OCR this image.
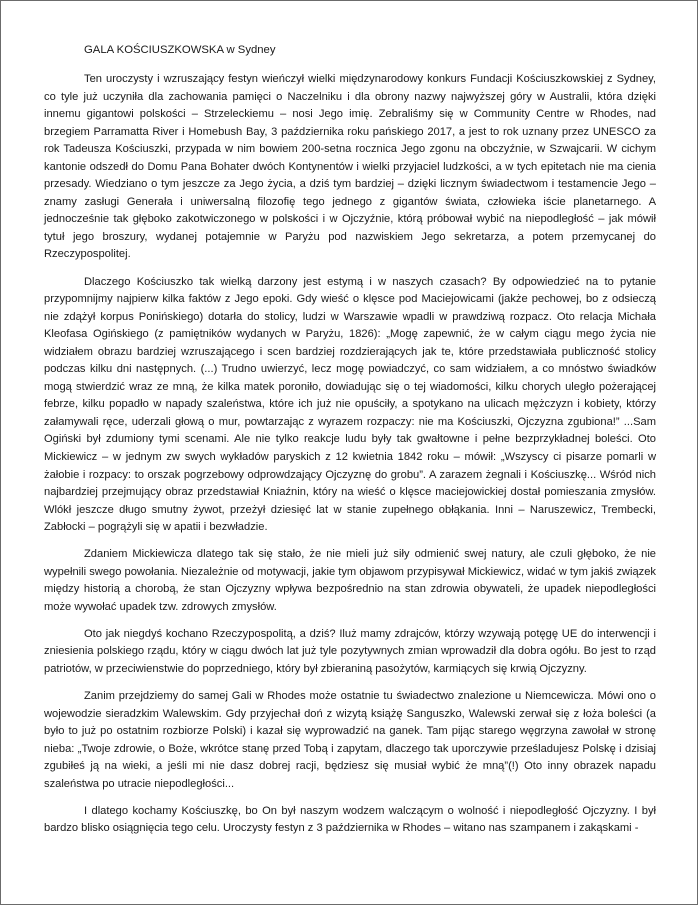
GALA KOŚCIUSZKOWSKA w Sydney

Ten uroczysty i wzruszający festyn wieńczył wielki międzynarodowy konkurs Fundacji Kościuszkowskiej z Sydney, co tyle już uczyniła dla zachowania pamięci o Naczelniku i dla obrony nazwy najwyższej góry w Australii, która dzięki innemu gigantowi polskości – Strzeleckiemu – nosi Jego imię. Zebraliśmy się w Community Centre w Rhodes, nad brzegiem Parramatta River i Homebush Bay, 3 października roku pańskiego 2017, a jest to rok uznany przez UNESCO za rok Tadeusza Kościuszki, przypada w nim bowiem 200-setna rocznica Jego zgonu na obczyźnie, w Szwajcarii. W cichym kantonie odszedł do Domu Pana Bohater dwóch Kontynentów i wielki przyjaciel ludzkości, a w tych epitetach nie ma cienia przesady. Wiedziano o tym jeszcze za Jego życia, a dziś tym bardziej – dzięki licznym świadectwom i testamencie Jego – znamy zasługi Generała i uniwersalną filozofię tego jednego z gigantów świata, człowieka iście planetarnego. A jednocześnie tak głęboko zakotwiczonego w polskości i w Ojczyźnie, którą próbował wybić na niepodległość – jak mówił tytuł jego broszury, wydanej potajemnie w Paryżu pod nazwiskiem Jego sekretarza, a potem przemycanej do Rzeczypospolitej.

Dlaczego Kościuszko tak wielką darzony jest estymą i w naszych czasach? By odpowiedzieć na to pytanie przypomnijmy najpierw kilka faktów z Jego epoki. Gdy wieść o klęsce pod Maciejowicami (jakże pechowej, bo z odsieczą nie zdążył korpus Ponińskiego) dotarła do stolicy, ludzi w Warszawie wpadli w prawdziwą rozpacz. Oto relacja Michała Kleofasa Ogińskiego (z pamiętników wydanych w Paryżu, 1826): „Mogę zapewnić, że w całym ciągu mego życia nie widziałem obrazu bardziej wzruszającego i scen bardziej rozdzierających jak te, które przedstawiała publiczność stolicy podczas kilku dni następnych. (...) Trudno uwierzyć, lecz mogę powiadczyć, co sam widziałem, a co mnóstwo świadków mogą stwierdzić wraz ze mną, że kilka matek poroniło, dowiadując się o tej wiadomości, kilku chorych uległo pożerającej febrze, kilku popadło w napady szaleństwa, które ich już nie opuściły, a spotykano na ulicach mężczyzn i kobiety, którzy załamywali ręce, uderzali głową o mur, powtarzając z wyrazem rozpaczy: nie ma Kościuszki, Ojczyzna zgubiona!” ...Sam Ogiński był zdumiony tymi scenami. Ale nie tylko reakcje ludu były tak gwałtowne i pełne bezprzykładnej boleści. Oto Mickiewicz – w jednym zw swych wykładów paryskich z 12 kwietnia 1842 roku – mówił: „Wszyscy ci pisarze pomarli w żałobie i rozpacy: to orszak pogrzebowy odprowdzający Ojczyznę do grobu”. A zarazem żegnali i Kościuszkę... Wśród nich najbardziej przejmujący obraz przedstawiał Kniaźnin, który na wieść o klęsce maciejowickiej dostał pomieszania zmysłów. Wlókł jeszcze długo smutny żywot, przeżył dziesięć lat w stanie zupełnego obłąkania. Inni – Naruszewicz, Trembecki, Zabłocki – pogrążyli się w apatii i bezwładzie.

Zdaniem Mickiewicza dlatego tak się stało, że nie mieli już siły odmienić swej natury, ale czuli głęboko, że nie wypełnili swego powołania. Niezależnie od motywacji, jakie tym objawom przypisywał Mickiewicz, widać w tym jakiś związek między historią a chorobą, że stan Ojczyzny wpływa bezpośrednio na stan zdrowia obywateli, że upadek niepodległości może wywołać upadek tzw. zdrowych zmysłów.

Oto jak niegdyś kochano Rzeczypospolitą, a dziś? Iluż mamy zdrajców, którzy wzywają potęgę UE do interwencji i zniesienia polskiego rządu, który w ciągu dwóch lat już tyle pozytywnych zmian wprowadził dla dobra ogółu. Bo jest to rząd patriotów, w przeciwienstwie do poprzedniego, który był zbieraniną pasożytów, karmiących się krwią Ojczyzny.

Zanim przejdziemy do samej Gali w Rhodes może ostatnie tu świadectwo znalezione u Niemcewicza. Mówi ono o wojewodzie sieradzkim Walewskim. Gdy przyjechał doń z wizytą książę Sanguszko, Walewski zerwał się z łoża boleści (a było to już po ostatnim rozbiorze Polski) i kazał się wyprowadzić na ganek. Tam pijąc starego węgrzyna zawołał w stronę nieba: „Twoje zdrowie, o Boże, wkrótce stanę przed Tobą i zapytam, dlaczego tak uporczywie prześladujesz Polskę i dzisiaj zgubiłeś ją na wieki, a jeśli mi nie dasz dobrej racji, będziesz się musiał wybić że mną”(!) Oto inny obrazek napadu szaleństwa po utracie niepodległości...

I dlatego kochamy Kościuszkę, bo On był naszym wodzem walczącym o wolność i niepodległość Ojczyzny. I był bardzo blisko osiągnięcia tego celu. Uroczysty festyn z 3 października w Rhodes – witano nas szampanem i zakąskami -
